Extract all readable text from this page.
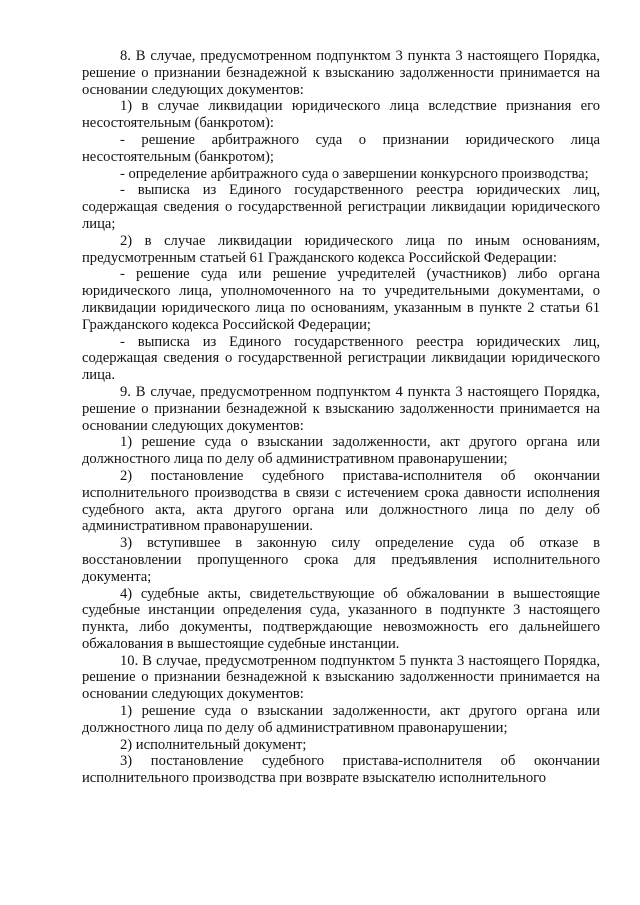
8. В случае, предусмотренном подпунктом 3 пункта 3 настоящего Порядка, решение о признании безнадежной к взысканию задолженности принимается на основании следующих документов:

1) в случае ликвидации юридического лица вследствие признания его несостоятельным (банкротом):

- решение арбитражного суда о признании юридического лица несостоятельным (банкротом);

- определение арбитражного суда о завершении конкурсного производства;

- выписка из Единого государственного реестра юридических лиц, содержащая сведения о государственной регистрации ликвидации юридического лица;

2) в случае ликвидации юридического лица по иным основаниям, предусмотренным статьей 61 Гражданского кодекса Российской Федерации:

- решение суда или решение учредителей (участников) либо органа юридического лица, уполномоченного на то учредительными документами, о ликвидации юридического лица по основаниям, указанным в пункте 2 статьи 61 Гражданского кодекса Российской Федерации;

- выписка из Единого государственного реестра юридических лиц, содержащая сведения о государственной регистрации ликвидации юридического лица.

9. В случае, предусмотренном подпунктом 4 пункта 3 настоящего Порядка, решение о признании безнадежной к взысканию задолженности принимается на основании следующих документов:

1) решение суда о взыскании задолженности, акт другого органа или должностного лица по делу об административном правонарушении;

2) постановление судебного пристава-исполнителя об окончании исполнительного производства в связи с истечением срока давности исполнения судебного акта, акта другого органа или должностного лица по делу об административном правонарушении.

3) вступившее в законную силу определение суда об отказе в восстановлении пропущенного срока для предъявления исполнительного документа;

4) судебные акты, свидетельствующие об обжаловании в вышестоящие судебные инстанции определения суда, указанного в подпункте 3 настоящего пункта, либо документы, подтверждающие невозможность его дальнейшего обжалования в вышестоящие судебные инстанции.

10. В случае, предусмотренном подпунктом 5 пункта 3 настоящего Порядка, решение о признании безнадежной к взысканию задолженности принимается на основании следующих документов:

1) решение суда о взыскании задолженности, акт другого органа или должностного лица по делу об административном правонарушении;

2) исполнительный документ;

3) постановление судебного пристава-исполнителя об окончании исполнительного производства при возврате взыскателю исполнительного
